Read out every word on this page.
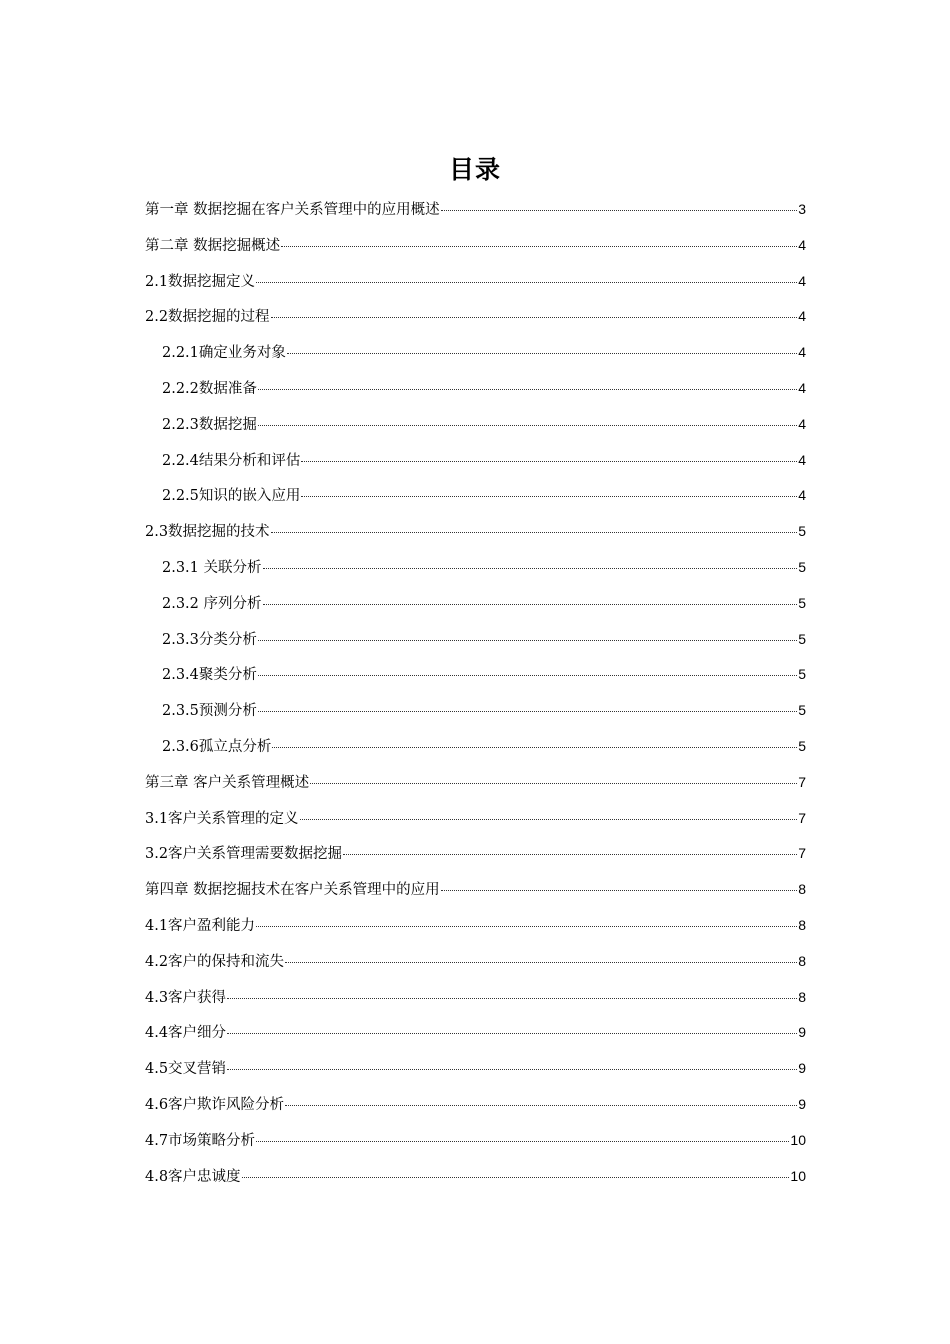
目录
第一章 数据挖掘在客户关系管理中的应用概述	3
第二章 数据挖掘概述	4
2.1数据挖掘定义	4
2.2数据挖掘的过程	4
2.2.1确定业务对象	4
2.2.2数据准备	4
2.2.3数据挖掘	4
2.2.4结果分析和评估	4
2.2.5知识的嵌入应用	4
2.3数据挖掘的技术	5
2.3.1 关联分析	5
2.3.2 序列分析	5
2.3.3分类分析	5
2.3.4聚类分析	5
2.3.5预测分析	5
2.3.6孤立点分析	5
第三章 客户关系管理概述	7
3.1客户关系管理的定义	7
3.2客户关系管理需要数据挖掘	7
第四章 数据挖掘技术在客户关系管理中的应用	8
4.1客户盈利能力	8
4.2客户的保持和流失	8
4.3客户获得	8
4.4客户细分	9
4.5交叉营销	9
4.6客户欺诈风险分析	9
4.7市场策略分析	10
4.8客户忠诚度	10
